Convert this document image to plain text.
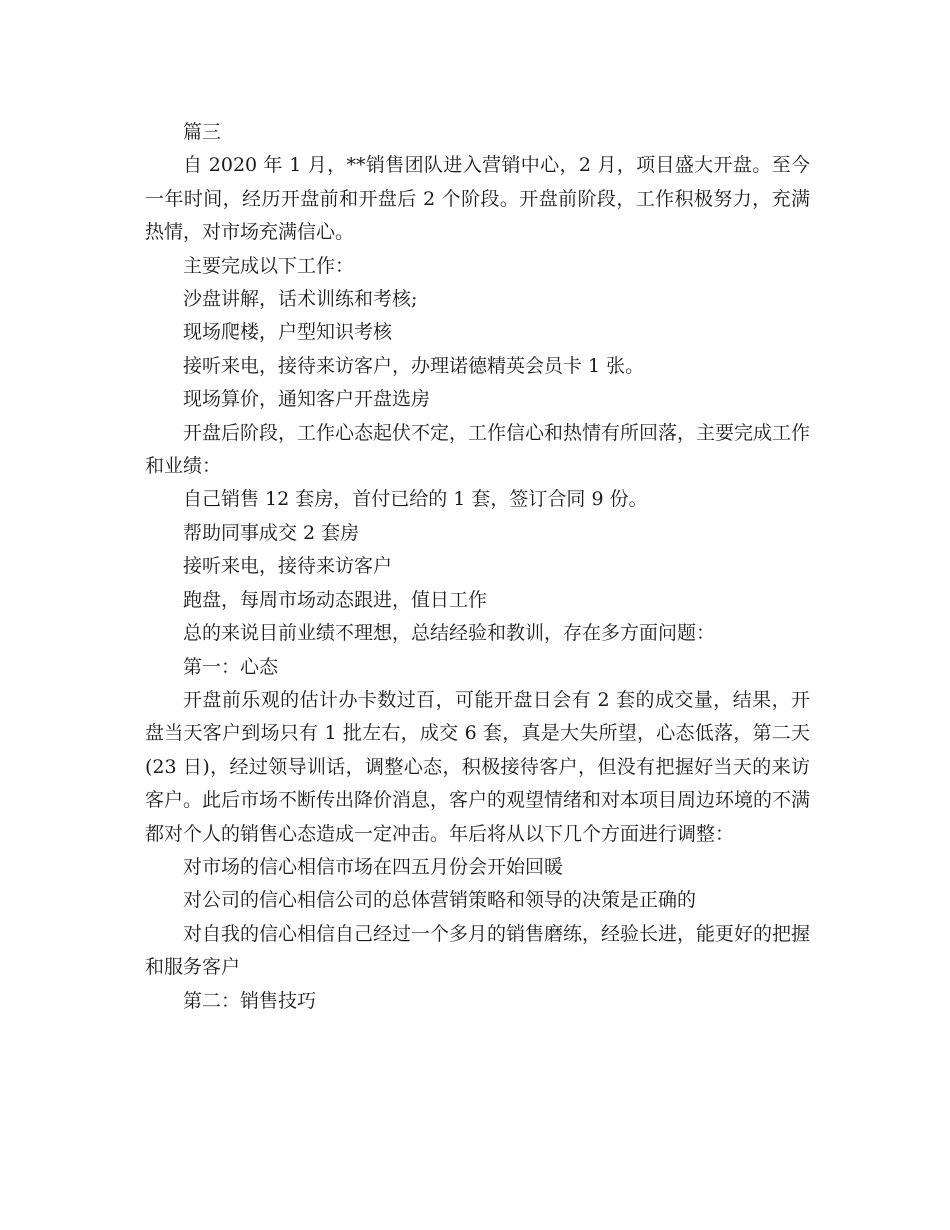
篇三

自 2020 年 1 月，**销售团队进入营销中心，2 月，项目盛大开盘。至今一年时间，经历开盘前和开盘后 2 个阶段。开盘前阶段，工作积极努力，充满热情，对市场充满信心。

主要完成以下工作：

沙盘讲解，话术训练和考核;

现场爬楼，户型知识考核

接听来电，接待来访客户，办理诺德精英会员卡 1 张。

现场算价，通知客户开盘选房

开盘后阶段，工作心态起伏不定，工作信心和热情有所回落，主要完成工作和业绩：

自己销售 12 套房，首付已给的 1 套，签订合同 9 份。

帮助同事成交 2 套房

接听来电，接待来访客户

跑盘，每周市场动态跟进，值日工作

总的来说目前业绩不理想，总结经验和教训，存在多方面问题：

第一：心态

开盘前乐观的估计办卡数过百，可能开盘日会有 2 套的成交量，结果，开盘当天客户到场只有 1 批左右，成交 6 套，真是大失所望，心态低落，第二天(23 日)，经过领导训话，调整心态，积极接待客户，但没有把握好当天的来访客户。此后市场不断传出降价消息，客户的观望情绪和对本项目周边环境的不满都对个人的销售心态造成一定冲击。年后将从以下几个方面进行调整：

对市场的信心相信市场在四五月份会开始回暖

对公司的信心相信公司的总体营销策略和领导的决策是正确的

对自我的信心相信自己经过一个多月的销售磨练，经验长进，能更好的把握和服务客户

第二：销售技巧
